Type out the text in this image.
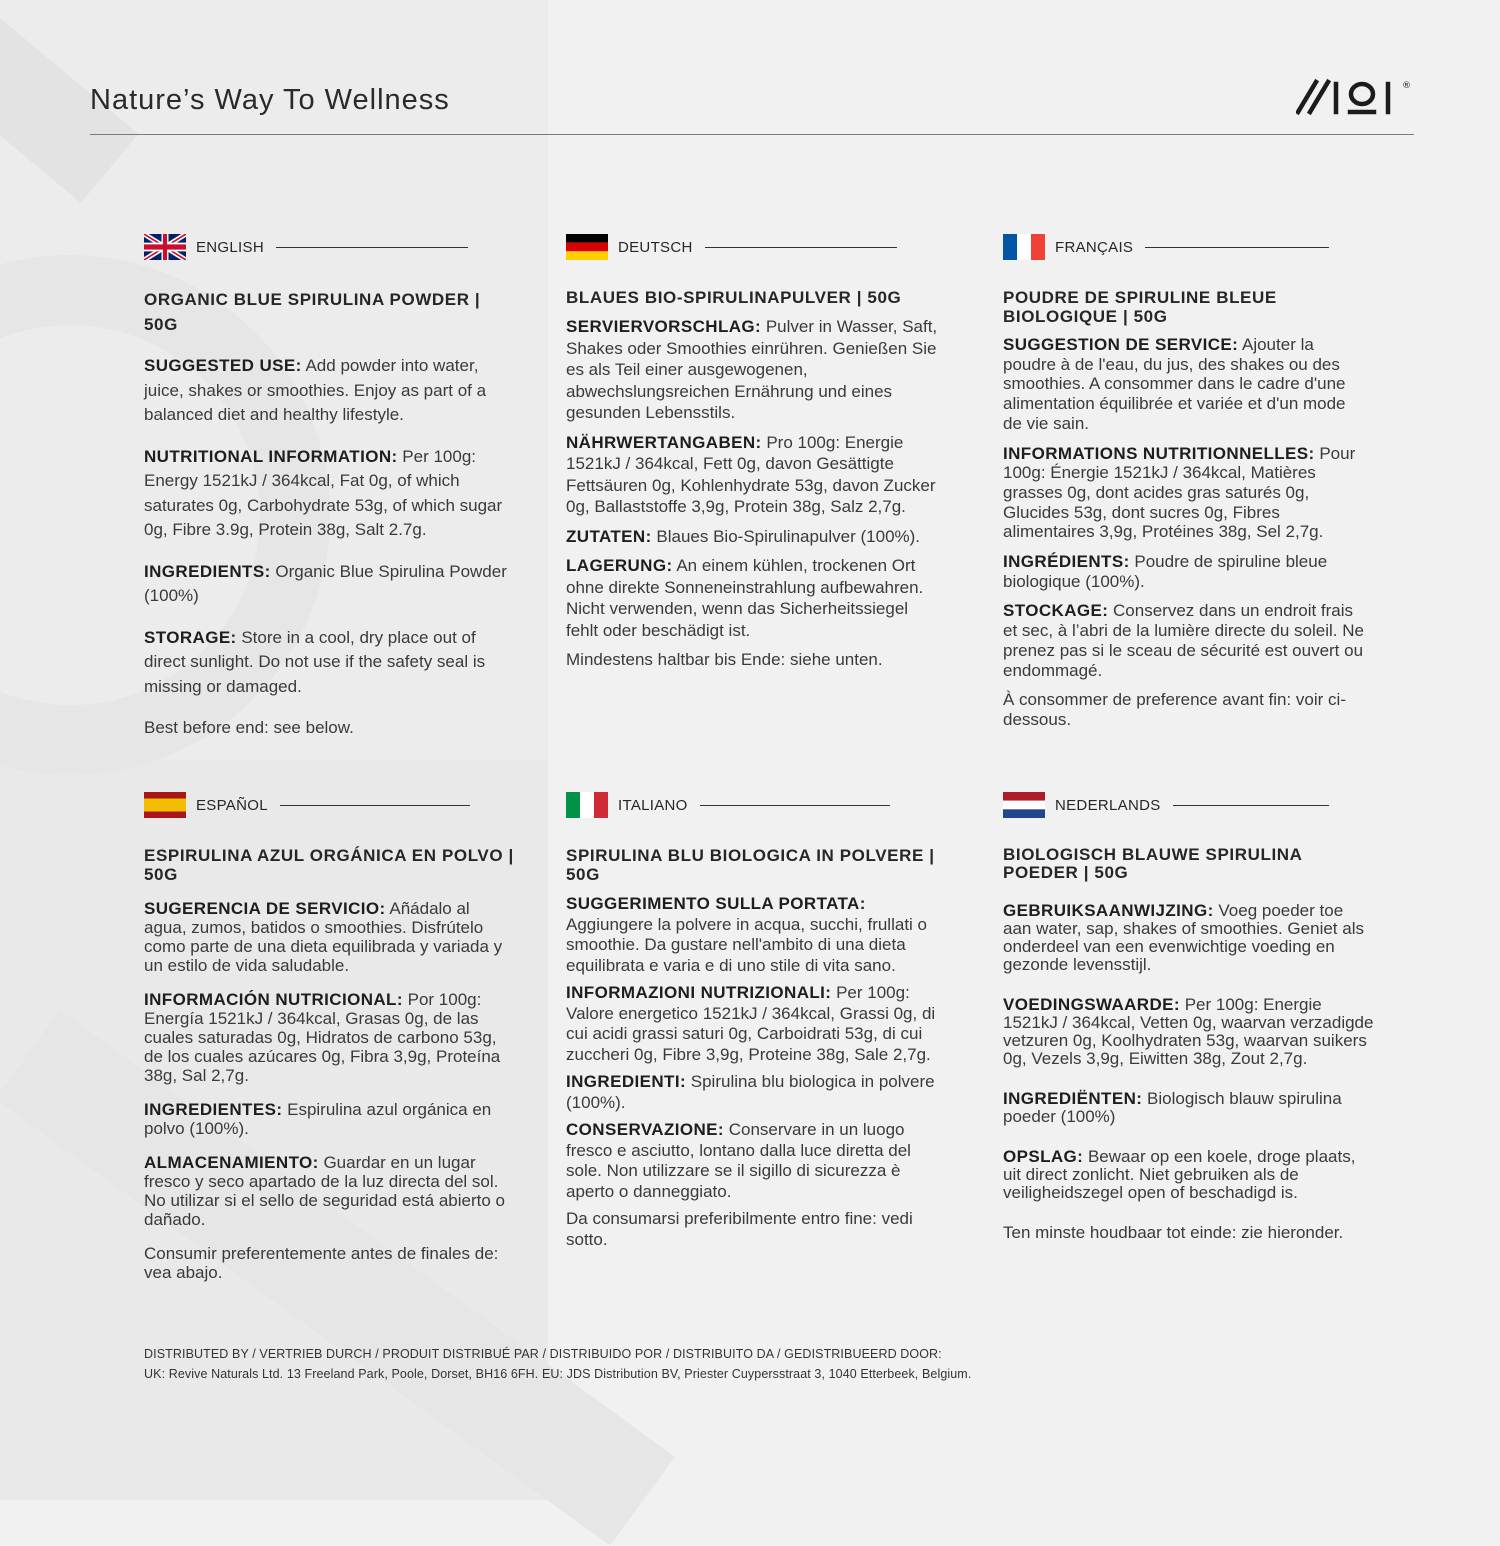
Nature’s Way To Wellness	®
ENGLISH
ORGANIC BLUE SPIRULINA POWDER | 50G

SUGGESTED USE: Add powder into water, juice, shakes or smoothies. Enjoy as part of a balanced diet and healthy lifestyle.

NUTRITIONAL INFORMATION: Per 100g: Energy 1521kJ / 364kcal, Fat 0g, of which saturates 0g, Carbohydrate 53g, of which sugar 0g, Fibre 3.9g, Protein 38g, Salt 2.7g.

INGREDIENTS: Organic Blue Spirulina Powder (100%)

STORAGE: Store in a cool, dry place out of direct sunlight. Do not use if the safety seal is missing or damaged.

Best before end: see below.

DEUTSCH
BLAUES BIO-SPIRULINAPULVER | 50G

SERVIERVORSCHLAG: Pulver in Wasser, Saft, Shakes oder Smoothies einrühren. Genießen Sie es als Teil einer ausgewogenen, abwechslungsreichen Ernährung und eines gesunden Lebensstils.

NÄHRWERTANGABEN: Pro 100g: Energie 1521kJ / 364kcal, Fett 0g, davon Gesättigte Fettsäuren 0g, Kohlenhydrate 53g, davon Zucker 0g, Ballaststoffe 3,9g, Protein 38g, Salz 2,7g.

ZUTATEN: Blaues Bio-Spirulinapulver (100%).

LAGERUNG: An einem kühlen, trockenen Ort ohne direkte Sonneneinstrahlung aufbewahren. Nicht verwenden, wenn das Sicherheitssiegel fehlt oder beschädigt ist.

Mindestens haltbar bis Ende: siehe unten.

FRANÇAIS
POUDRE DE SPIRULINE BLEUE BIOLOGIQUE | 50G

SUGGESTION DE SERVICE: Ajouter la poudre à de l'eau, du jus, des shakes ou des smoothies. A consommer dans le cadre d'une alimentation équilibrée et variée et d'un mode de vie sain.

INFORMATIONS NUTRITIONNELLES: Pour 100g: Énergie 1521kJ / 364kcal, Matières grasses 0g, dont acides gras saturés 0g, Glucides 53g, dont sucres 0g, Fibres alimentaires 3,9g, Protéines 38g, Sel 2,7g.

INGRÉDIENTS: Poudre de spiruline bleue biologique (100%).

STOCKAGE: Conservez dans un endroit frais et sec, à l’abri de la lumière directe du soleil. Ne prenez pas si le sceau de sécurité est ouvert ou endommagé.

À consommer de preference avant fin: voir ci-dessous.

ESPAÑOL
ESPIRULINA AZUL ORGÁNICA EN POLVO | 50G

SUGERENCIA DE SERVICIO: Añádalo al agua, zumos, batidos o smoothies. Disfrútelo como parte de una dieta equilibrada y variada y un estilo de vida saludable.

INFORMACIÓN NUTRICIONAL: Por 100g: Energía 1521kJ / 364kcal, Grasas 0g, de las cuales saturadas 0g, Hidratos de carbono 53g, de los cuales azúcares 0g, Fibra 3,9g, Proteína 38g, Sal 2,7g.

INGREDIENTES: Espirulina azul orgánica en polvo (100%).

ALMACENAMIENTO: Guardar en un lugar fresco y seco apartado de la luz directa del sol. No utilizar si el sello de seguridad está abierto o dañado.

Consumir preferentemente antes de finales de: vea abajo.

ITALIANO
SPIRULINA BLU BIOLOGICA IN POLVERE | 50G

SUGGERIMENTO SULLA PORTATA: Aggiungere la polvere in acqua, succhi, frullati o smoothie. Da gustare nell'ambito di una dieta equilibrata e varia e di uno stile di vita sano.

INFORMAZIONI NUTRIZIONALI: Per 100g: Valore energetico 1521kJ / 364kcal, Grassi 0g, di cui acidi grassi saturi 0g, Carboidrati 53g, di cui zuccheri 0g, Fibre 3,9g, Proteine 38g, Sale 2,7g.

INGREDIENTI: Spirulina blu biologica in polvere (100%).

CONSERVAZIONE: Conservare in un luogo fresco e asciutto, lontano dalla luce diretta del sole. Non utilizzare se il sigillo di sicurezza è aperto o danneggiato.

Da consumarsi preferibilmente entro fine: vedi sotto.

NEDERLANDS
BIOLOGISCH BLAUWE SPIRULINA POEDER | 50G

GEBRUIKSAANWIJZING: Voeg poeder toe aan water, sap, shakes of smoothies. Geniet als onderdeel van een evenwichtige voeding en gezonde levensstijl.

VOEDINGSWAARDE: Per 100g: Energie 1521kJ / 364kcal, Vetten 0g, waarvan verzadigde vetzuren 0g, Koolhydraten 53g, waarvan suikers 0g, Vezels 3,9g, Eiwitten 38g, Zout 2,7g.

INGREDIËNTEN: Biologisch blauw spirulina poeder (100%)

OPSLAG: Bewaar op een koele, droge plaats, uit direct zonlicht. Niet gebruiken als de veiligheidszegel open of beschadigd is.

Ten minste houdbaar tot einde: zie hieronder.

DISTRIBUTED BY / VERTRIEB DURCH / PRODUIT DISTRIBUÉ PAR / DISTRIBUIDO POR / DISTRIBUITO DA / GEDISTRIBUEERD DOOR:
UK: Revive Naturals Ltd. 13 Freeland Park, Poole, Dorset, BH16 6FH. EU: JDS Distribution BV, Priester Cuypersstraat 3, 1040 Etterbeek, Belgium.
